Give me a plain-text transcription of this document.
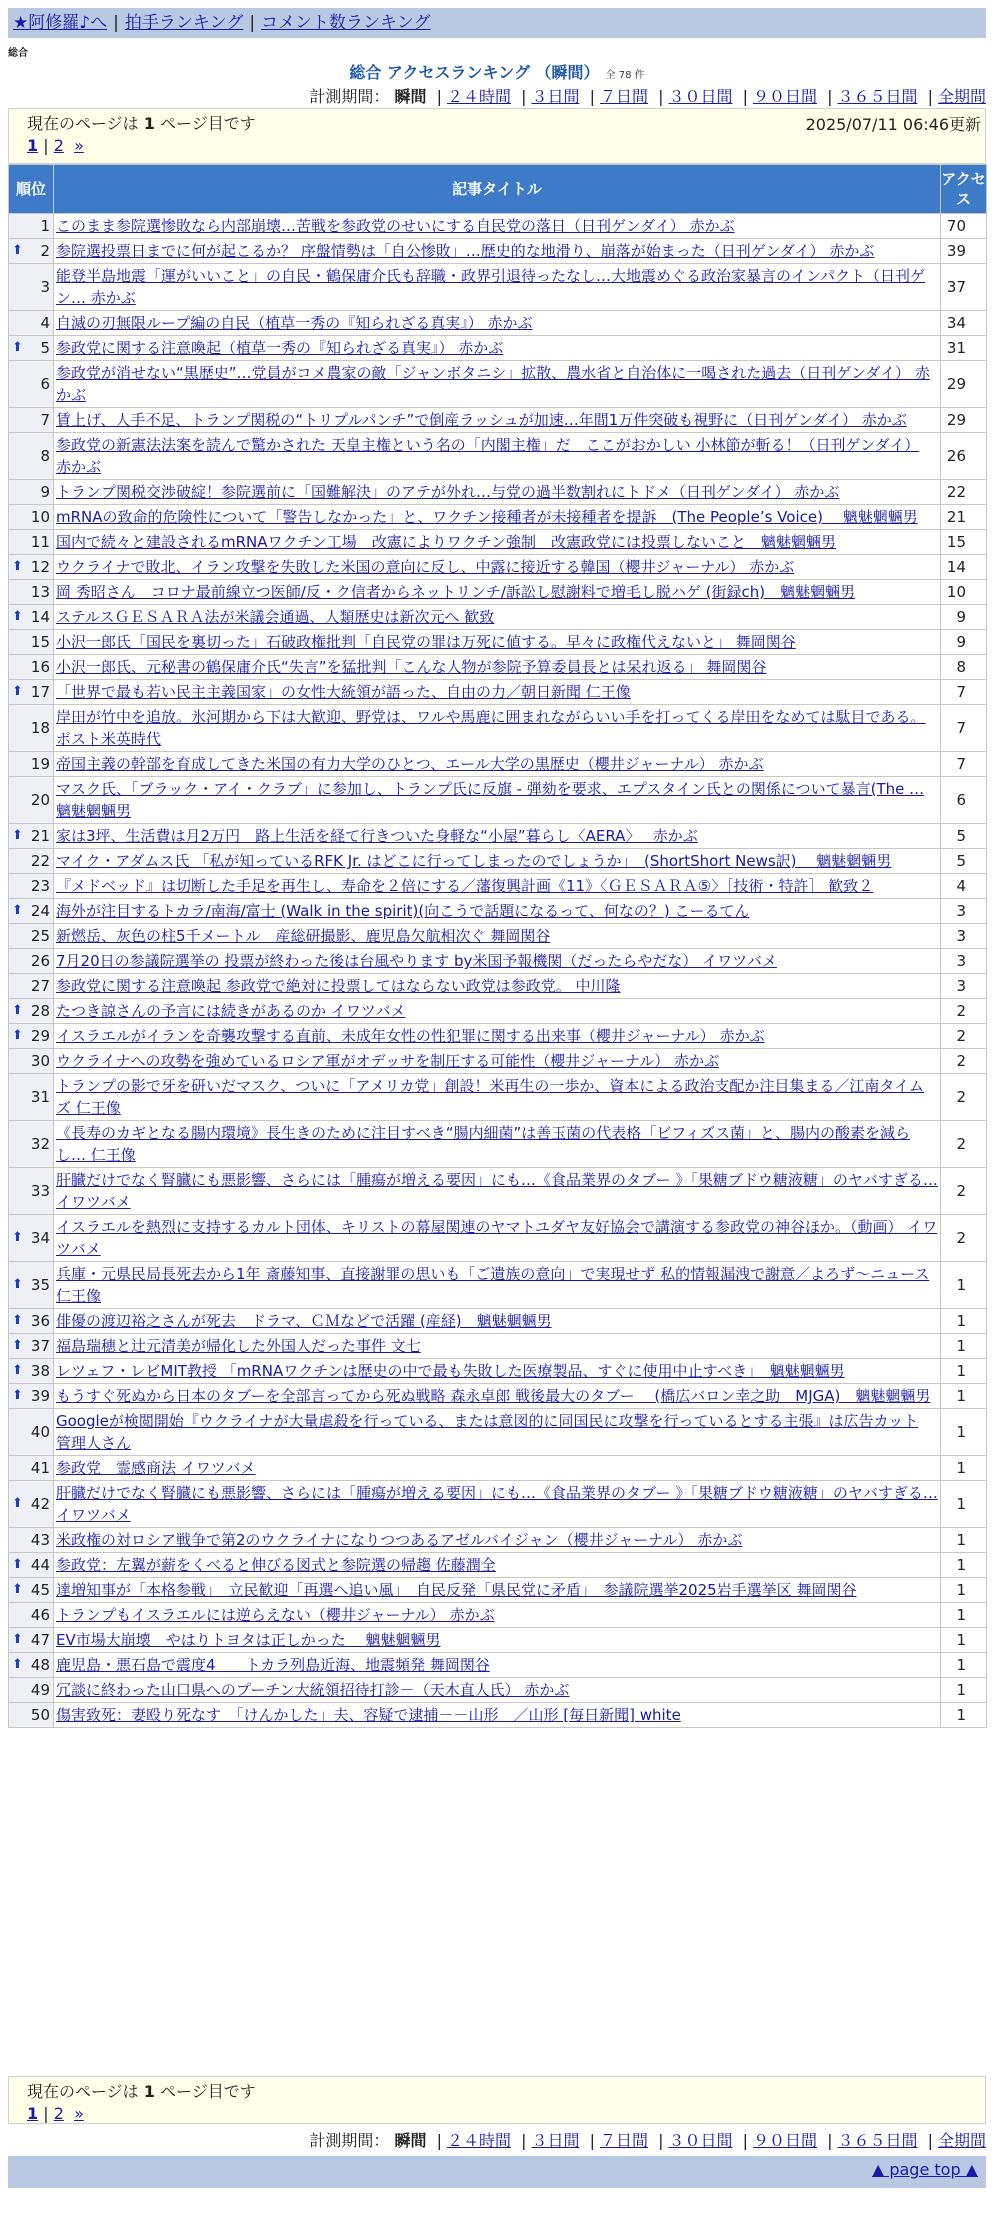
★阿修羅♪へ | 拍手ランキング | コメント数ランキング
総合
総合 アクセスランキング （瞬間） 全 78 件
計測期間： 瞬間 | ２４時間 | ３日間 | ７日間 | ３０日間 | ９０日間 | ３６５日間 | 全期間
現在のページは 1 ページ目です	2025/07/11 06:46更新
1 | 2 »
順位	記事タイトル	アクセス
1	このまま参院選惨敗なら内部崩壊…苦戦を参政党のせいにする自民党の落日（日刊ゲンダイ） 赤かぶ	70

⬆ 2	参院選投票日までに何が起こるか？ 序盤情勢は「自公惨敗」…歴史的な地滑り、崩落が始まった（日刊ゲンダイ） 赤かぶ	39
3	能登半島地震「運がいいこと」の自民・鶴保庸介氏も辞職・政界引退待ったなし…大地震めぐる政治家暴言のインパクト（日刊ゲン… 赤かぶ	37
4	自滅の刃無限ループ編の自民（植草一秀の『知られざる真実』） 赤かぶ	34

⬆ 5	参政党に関する注意喚起（植草一秀の『知られざる真実』） 赤かぶ	31
6	参政党が消せない“黒歴史”…党員がコメ農家の敵「ジャンボタニシ」拡散、農水省と自治体に一喝された過去（日刊ゲンダイ） 赤かぶ	29
7	賃上げ、人手不足、トランプ関税の“トリプルパンチ”で倒産ラッシュが加速…年間1万件突破も視野に（日刊ゲンダイ） 赤かぶ	29
8	参政党の新憲法法案を読んで驚かされた 天皇主権という名の「内閣主権」だ　ここがおかしい 小林節が斬る！（日刊ゲンダイ） 赤かぶ	26
9	トランプ関税交渉破綻！参院選前に「国難解決」のアテが外れ…与党の過半数割れにトドメ（日刊ゲンダイ） 赤かぶ	22
10	mRNAの致命的危険性について「警告しなかった」と、ワクチン接種者が未接種者を提訴　(The People’s Voice)　 魑魅魍魎男	21
11	国内で続々と建設されるmRNAワクチン工場　改憲によりワクチン強制　改憲政党には投票しないこと　魑魅魍魎男	15

⬆ 12	ウクライナで敗北、イラン攻撃を失敗した米国の意向に反し、中露に接近する韓国（櫻井ジャーナル） 赤かぶ	14
13	岡 秀昭さん　コロナ最前線立つ医師/反・ク信者からネットリンチ/訴訟し慰謝料で増毛し脱ハゲ (街録ch)　魑魅魍魎男	10

⬆ 14	ステルスＧＥＳＡＲＡ法が米議会通過、人類歴史は新次元へ 歓致	9
15	小沢一郎氏「国民を裏切った」石破政権批判「自民党の罪は万死に値する。早々に政権代えないと」 舞岡関谷	9
16	小沢一郎氏、元秘書の鶴保庸介氏“失言”を猛批判「こんな人物が参院予算委員長とは呆れ返る」 舞岡関谷	8

⬆ 17	「世界で最も若い民主主義国家」の女性大統領が語った、自由の力／朝日新聞 仁王像	7
18	岸田が竹中を追放。氷河期から下は大歓迎、野党は、ワルや馬鹿に囲まれながらいい手を打ってくる岸田をなめては駄目である。 ポスト米英時代	7
19	帝国主義の幹部を育成してきた米国の有力大学のひとつ、エール大学の黒歴史（櫻井ジャーナル） 赤かぶ	7
20	マスク氏、「ブラック・アイ・クラブ」に参加し、トランプ氏に反旗 - 弾劾を要求、エプスタイン氏との関係について暴言(The … 魑魅魍魎男	6

⬆ 21	家は3坪、生活費は月2万円　路上生活を経て行きついた身軽な“小屋”暮らし〈AERA〉　 赤かぶ	5
22	マイク・アダムス氏 「私が知っているRFK Jr. はどこに行ってしまったのでしょうか」　(ShortShort News訳)　 魑魅魍魎男	5
23	『メドベッド』は切断した手足を再生し、寿命を２倍にする／藩復興計画《11》〈ＧＥＳＡＲＡ⑤〉［技術・特許］ 歓致２	4

⬆ 24	海外が注目するトカラ/南海/富士 (Walk in the spirit)(向こうで話題になるって、何なの？) こーるてん	3
25	新燃岳、灰色の柱5千メートル　産総研撮影、鹿児島欠航相次ぐ 舞岡関谷	3
26	7月20日の参議院選挙の 投票が終わった後は台風やります by米国予報機関（だったらやだな） イワツバメ	3
27	参政党に関する注意喚起 参政党で絶対に投票してはならない政党は参政党。 中川隆	3

⬆ 28	たつき諒さんの予言には続きがあるのか イワツバメ	2

⬆ 29	イスラエルがイランを奇襲攻撃する直前、未成年女性の性犯罪に関する出来事（櫻井ジャーナル） 赤かぶ	2
30	ウクライナへの攻勢を強めているロシア軍がオデッサを制圧する可能性（櫻井ジャーナル） 赤かぶ	2
31	トランプの影で牙を研いだマスク、ついに「アメリカ党」創設！米再生の一歩か、資本による政治支配か注目集まる／江南タイムズ 仁王像	2
32	《長寿のカギとなる腸内環境》長生きのために注目すべき“腸内細菌”は善玉菌の代表格「ビフィズス菌」と、腸内の酸素を減らし… 仁王像	2
33	肝臓だけでなく腎臓にも悪影響、さらには「腫瘍が増える要因」にも…《食品業界のタブー 》「果糖ブドウ糖液糖」のヤバすぎる… イワツバメ	2

⬆ 34	イスラエルを熱烈に支持するカルト団体、キリストの幕屋関連のヤマトユダヤ友好協会で講演する参政党の神谷ほか。（動画） イワツバメ	2

⬆ 35	兵庫・元県民局長死去から1年 斎藤知事、直接謝罪の思いも「ご遺族の意向」で実現せず 私的情報漏洩で謝意／よろず～ニュース 仁王像	1

⬆ 36	俳優の渡辺裕之さんが死去　ドラマ、ＣＭなどで活躍 (産経)　魑魅魍魎男	1

⬆ 37	福島瑞穂と辻元清美が帰化した外国人だった事件 文七	1

⬆ 38	レツェフ・レビMIT教授 「mRNAワクチンは歴史の中で最も失敗した医療製品、すぐに使用中止すべき」　魑魅魍魎男	1

⬆ 39	もうすぐ死ぬから日本のタブーを全部言ってから死ぬ戦略 森永卓郎 戦後最大のタブー　 (橋広バロン幸之助　MJGA)　魑魅魍魎男	1
40	Googleが検閲開始『ウクライナが大量虐殺を行っている、または意図的に同国民に攻撃を行っているとする主張』は広告カット 管理人さん	1
41	参政党　霊感商法 イワツバメ	1

⬆ 42	肝臓だけでなく腎臓にも悪影響、さらには「腫瘍が増える要因」にも…《食品業界のタブー 》「果糖ブドウ糖液糖」のヤバすぎる… イワツバメ	1
43	米政権の対ロシア戦争で第2のウクライナになりつつあるアゼルバイジャン（櫻井ジャーナル） 赤かぶ	1

⬆ 44	参政党：左翼が薪をくべると伸びる図式と参院選の帰趨 佐藤潤全	1

⬆ 45	達増知事が「本格参戦」　立民歓迎「再選へ追い風」　自民反発「県民党に矛盾」　参議院選挙2025岩手選挙区 舞岡関谷	1
46	トランプもイスラエルには逆らえない（櫻井ジャーナル） 赤かぶ	1

⬆ 47	EV市場大崩壊　やはりトヨタは正しかった　 魑魅魍魎男	1

⬆ 48	鹿児島・悪石島で震度4　　トカラ列島近海、地震頻発 舞岡関谷	1
49	冗談に終わった山口県へのプーチン大統領招待打診－（天木直人氏） 赤かぶ	1
50	傷害致死：妻殴り死なす　「けんかした」夫、容疑で逮捕－－山形　／山形 [毎日新聞] white	1
現在のページは 1 ページ目です
1 | 2 »
計測期間： 瞬間 | ２４時間 | ３日間 | ７日間 | ３０日間 | ９０日間 | ３６５日間 | 全期間
▲ page top ▲
